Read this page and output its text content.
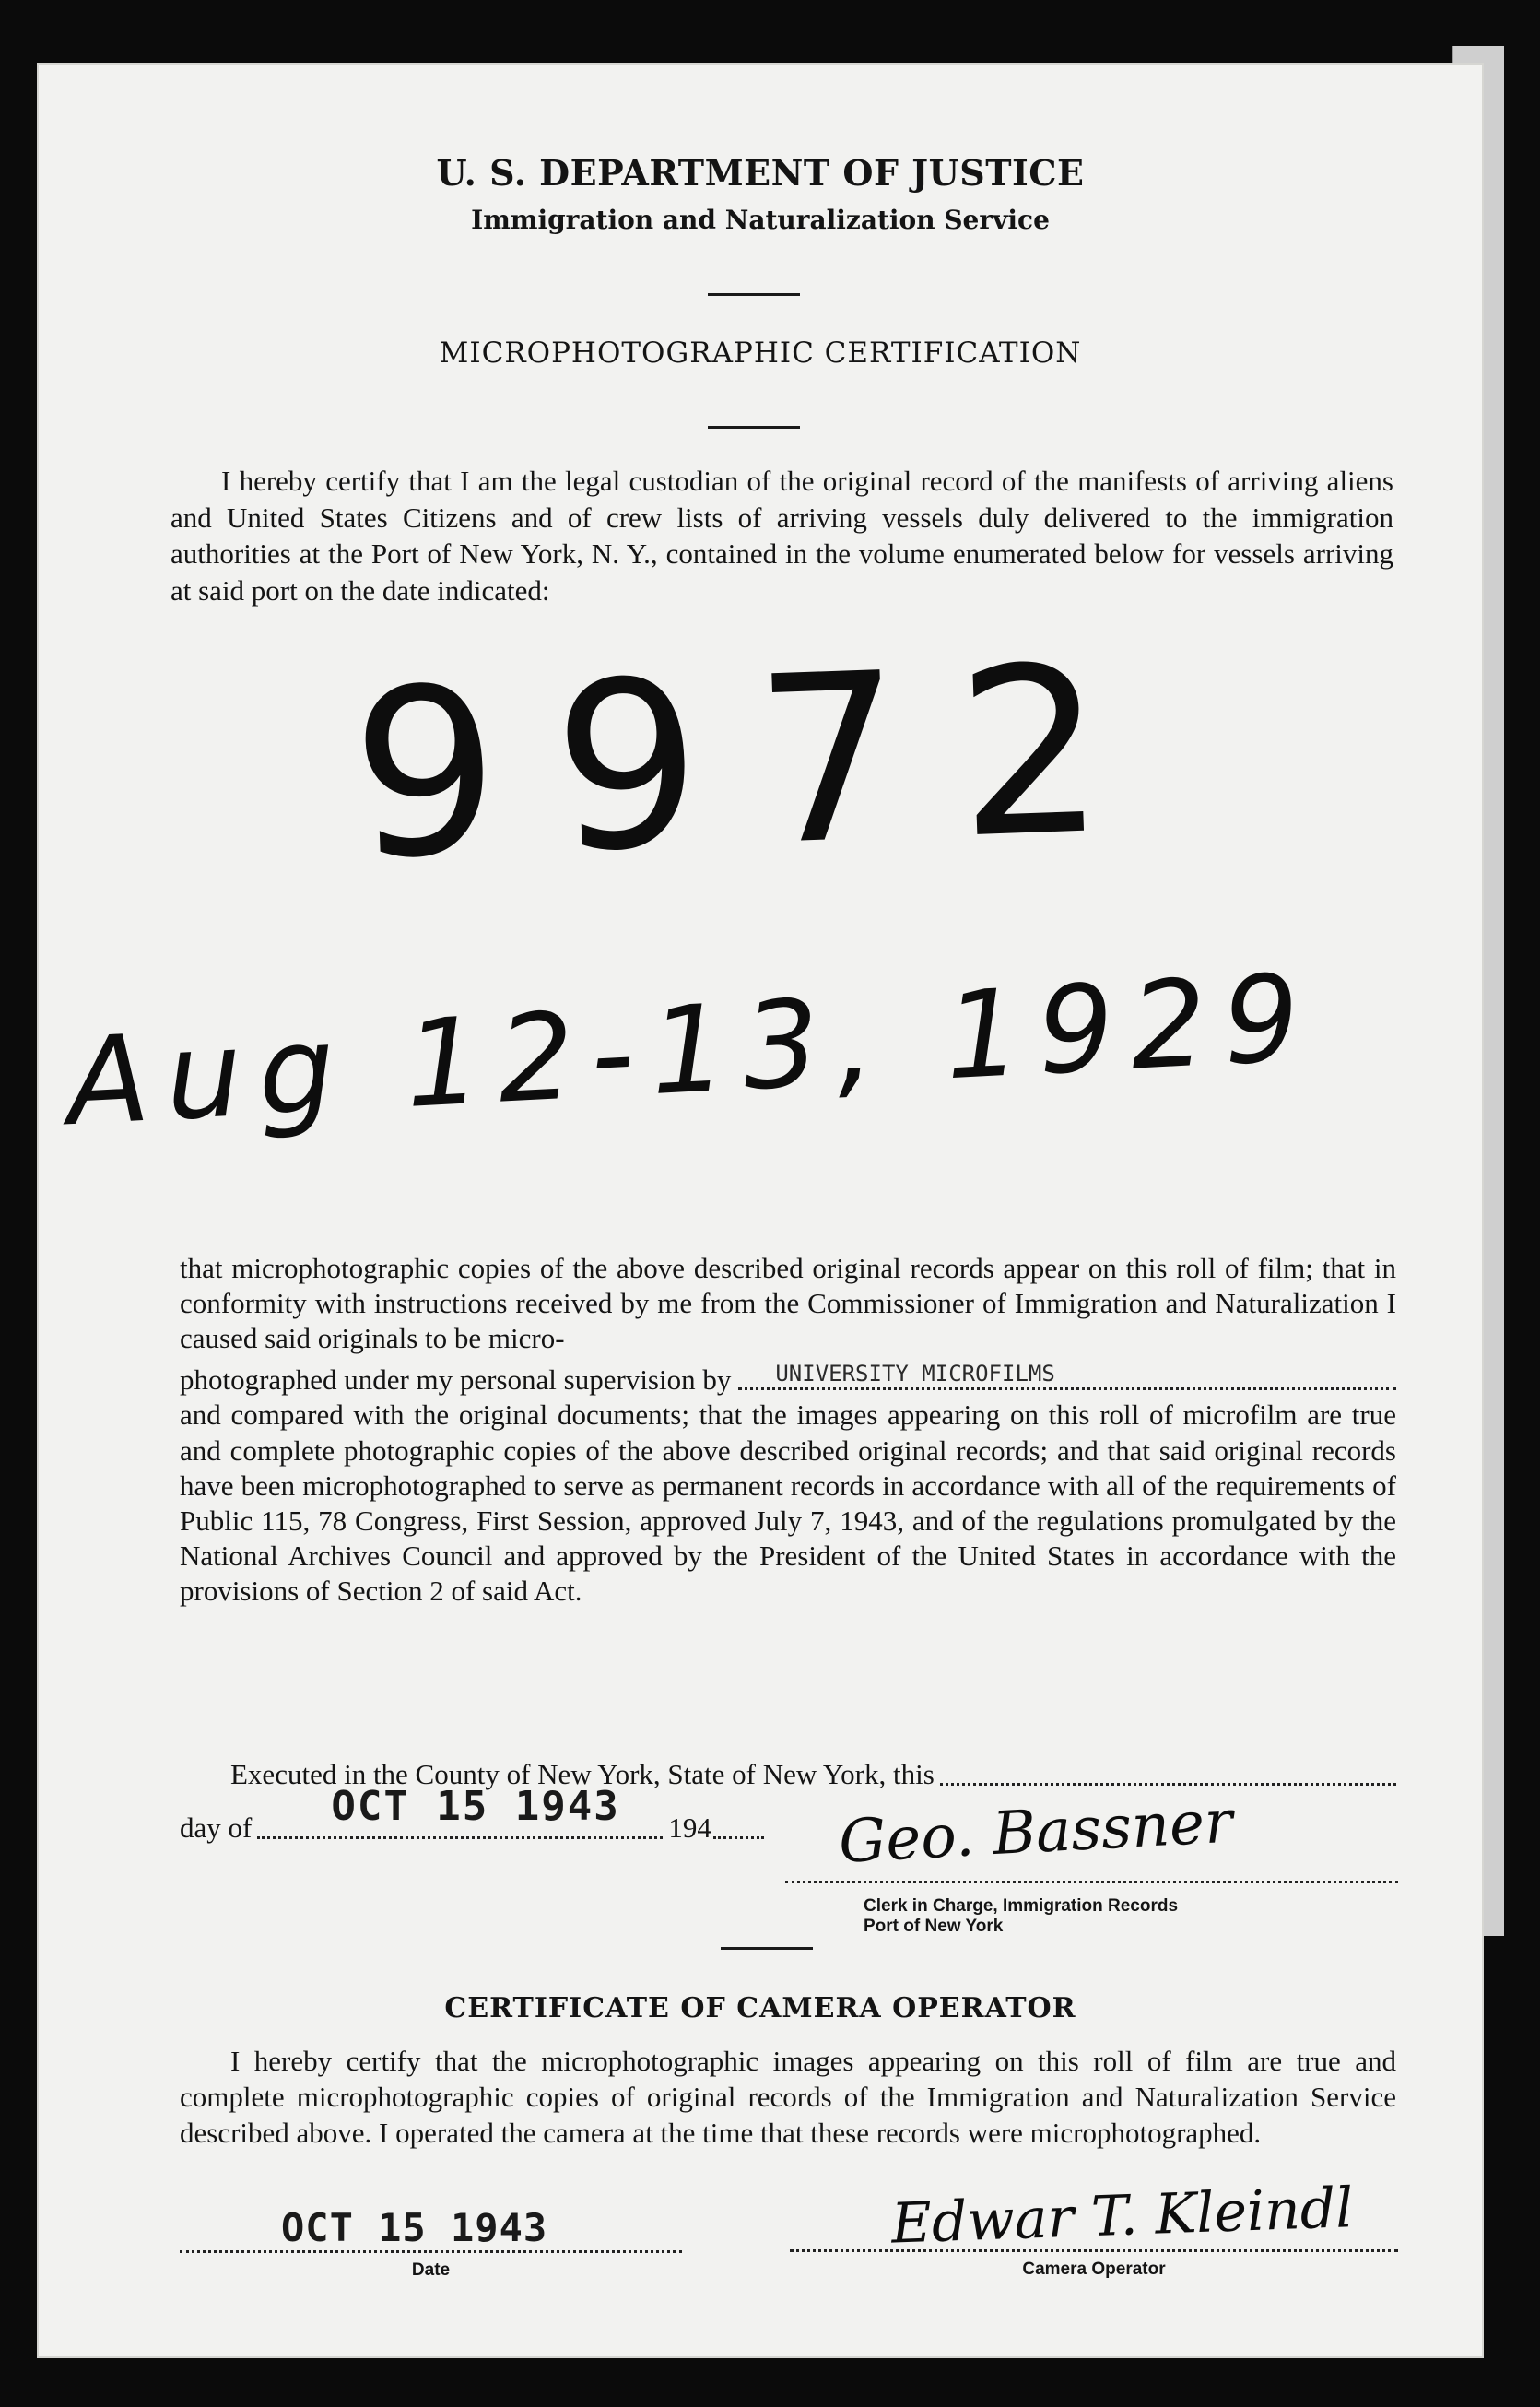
U. S. DEPARTMENT OF JUSTICE
Immigration and Naturalization Service
MICROPHOTOGRAPHIC CERTIFICATION

I hereby certify that I am the legal custodian of the original record of the manifests of arriving aliens and United States Citizens and of crew lists of arriving vessels duly delivered to the immigration authorities at the Port of New York, N. Y., contained in the volume enumerated below for vessels arriving at said port on the date indicated:

9972
Aug 12-13, 1929

that microphotographic copies of the above described original records appear on this roll of film; that in conformity with instructions received by me from the Commissioner of Immigration and Naturalization I caused said originals to be micro-

photographed under my personal supervision by UNIVERSITY MICROFILMS

and compared with the original documents; that the images appearing on this roll of microfilm are true and complete photographic copies of the above described original records; and that said original records have been microphotographed to serve as permanent records in accordance with all of the requirements of Public 115, 78 Congress, First Session, approved July 7, 1943, and of the regulations promulgated by the National Archives Council and approved by the President of the United States in accordance with the provisions of Section 2 of said Act.

Executed in the County of New York, State of New York, this
day of OCT 15 1943 194	Geo. Bassner
Clerk in Charge, Immigration Records
Port of New York
CERTIFICATE OF CAMERA OPERATOR

I hereby certify that the microphotographic images appearing on this roll of film are true and complete microphotographic copies of original records of the Immigration and Naturalization Service described above. I operated the camera at the time that these records were microphotographed.

OCT 15 1943
Date
Edwar T. Kleindl
Camera Operator
